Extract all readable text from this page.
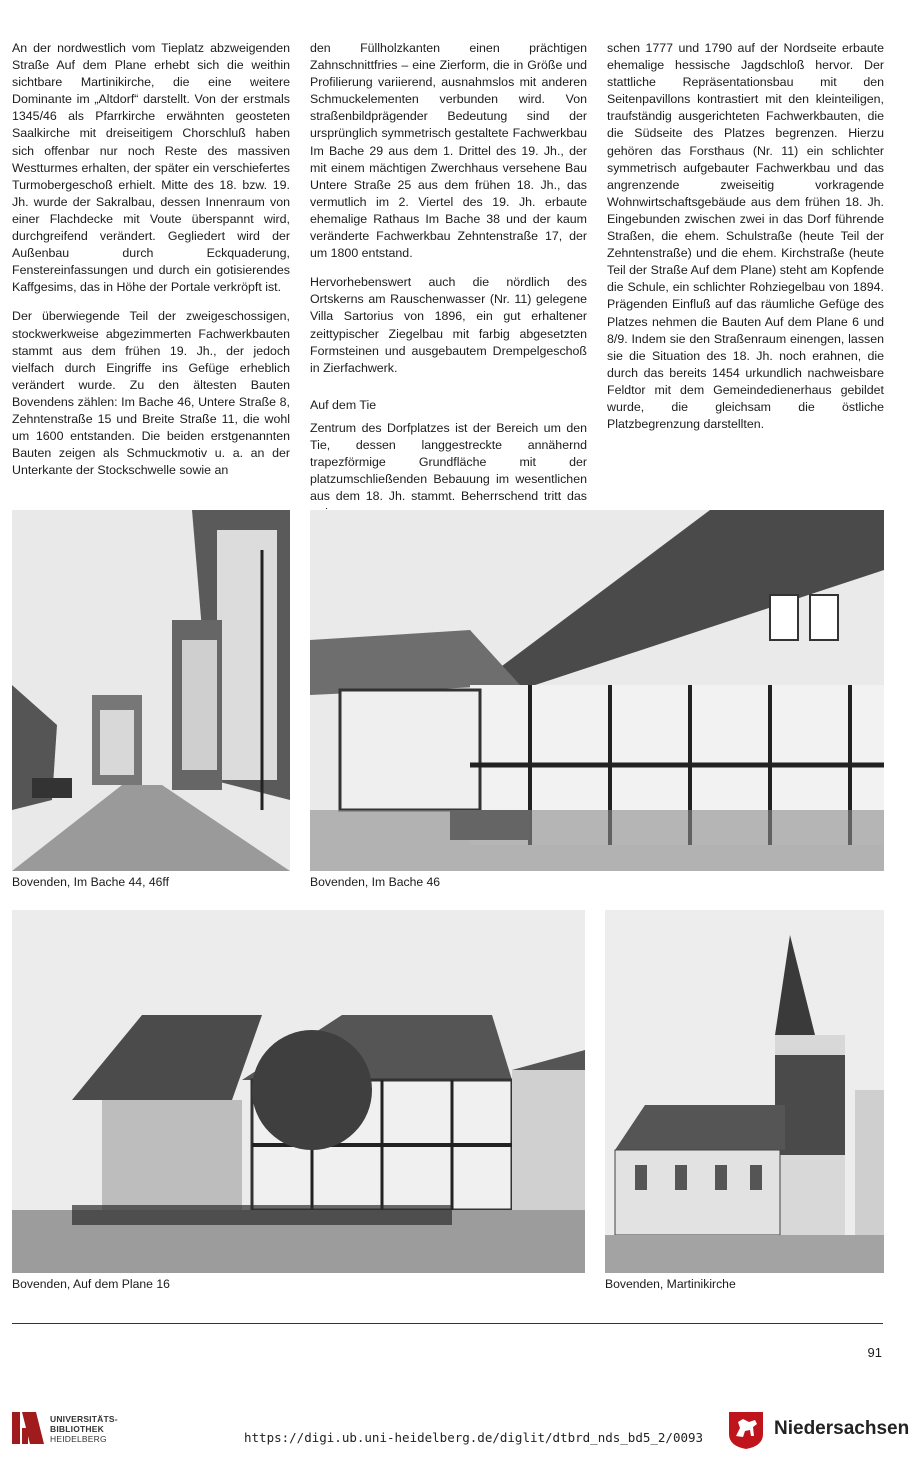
An der nordwestlich vom Tieplatz abzweigenden Straße Auf dem Plane erhebt sich die weithin sichtbare Martinikirche, die eine weitere Dominante im „Altdorf“ darstellt. Von der erstmals 1345/46 als Pfarrkirche erwähnten geosteten Saalkirche mit dreiseitigem Chorschluß haben sich offenbar nur noch Reste des massiven Westturmes erhalten, der später ein verschiefertes Turmobergeschoß erhielt. Mitte des 18. bzw. 19. Jh. wurde der Sakralbau, dessen Innenraum von einer Flachdecke mit Voute überspannt wird, durchgreifend verändert. Gegliedert wird der Außenbau durch Eckquaderung, Fenstereinfassungen und durch ein gotisierendes Kaffgesims, das in Höhe der Portale verkröpft ist.

Der überwiegende Teil der zweigeschossigen, stockwerkweise abgezimmerten Fachwerkbauten stammt aus dem frühen 19. Jh., der jedoch vielfach durch Eingriffe ins Gefüge erheblich verändert wurde. Zu den ältesten Bauten Bovendens zählen: Im Bache 46, Untere Straße 8, Zehntenstraße 15 und Breite Straße 11, die wohl um 1600 entstanden. Die beiden erstgenannten Bauten zeigen als Schmuckmotiv u. a. an der Unterkante der Stockschwelle sowie an

den Füllholzkanten einen prächtigen Zahnschnittfries – eine Zierform, die in Größe und Profilierung variierend, ausnahmslos mit anderen Schmuckelementen verbunden wird. Von straßenbildprägender Bedeutung sind der ursprünglich symmetrisch gestaltete Fachwerkbau Im Bache 29 aus dem 1. Drittel des 19. Jh., der mit einem mächtigen Zwerchhaus versehene Bau Untere Straße 25 aus dem frühen 18. Jh., das vermutlich im 2. Viertel des 19. Jh. erbaute ehemalige Rathaus Im Bache 38 und der kaum veränderte Fachwerkbau Zehntenstraße 17, der um 1800 entstand.

Hervorhebenswert auch die nördlich des Ortskerns am Rauschenwasser (Nr. 11) gelegene Villa Sartorius von 1896, ein gut erhaltener zeittypischer Ziegelbau mit farbig abgesetzten Formsteinen und ausgebautem Drempelgeschoß in Zierfachwerk.

Auf dem Tie

Zentrum des Dorfplatzes ist der Bereich um den Tie, dessen langgestreckte annähernd trapezförmige Grundfläche mit der platzumschließenden Bebauung im wesentlichen aus dem 18. Jh. stammt. Beherrschend tritt das

schen 1777 und 1790 auf der Nordseite erbaute ehemalige hessische Jagdschloß hervor. Der stattliche Repräsentationsbau mit den Seitenpavillons kontrastiert mit den kleinteiligen, traufständig ausgerichteten Fachwerkbauten, die die Südseite des Platzes begrenzen. Hierzu gehören das Forsthaus (Nr. 11) ein schlichter symmetrisch aufgebauter Fachwerkbau und das angrenzende zweiseitig vorkragende Wohnwirtschaftsgebäude aus dem frühen 18. Jh. Eingebunden zwischen zwei in das Dorf führende Straßen, die ehem. Schulstraße (heute Teil der Zehntenstraße) und die ehem. Kirchstraße (heute Teil der Straße Auf dem Plane) steht am Kopfende die Schule, ein schlichter Rohziegelbau von 1894. Prägenden Einfluß auf das räumliche Gefüge des Platzes nehmen die Bauten Auf dem Plane 6 und 8/9. Indem sie den Straßenraum einengen, lassen sie die Situation des 18. Jh. noch erahnen, die durch das bereits 1454 urkundlich nachweisbare Feldtor mit dem Gemeindedienerhaus gebildet wurde, die gleichsam die östliche Platzbegrenzung darstellten.

Bovenden, Im Bache 44, 46ff	Bovenden, Im Bache 46
Bovenden, Auf dem Plane 16	Bovenden, Martinikirche
91
UNIVERSITÄTS-
BIBLIOTHEK
HEIDELBERG	https://digi.ub.uni-heidelberg.de/diglit/dtbrd_nds_bd5_2/0093	Niedersachsen
